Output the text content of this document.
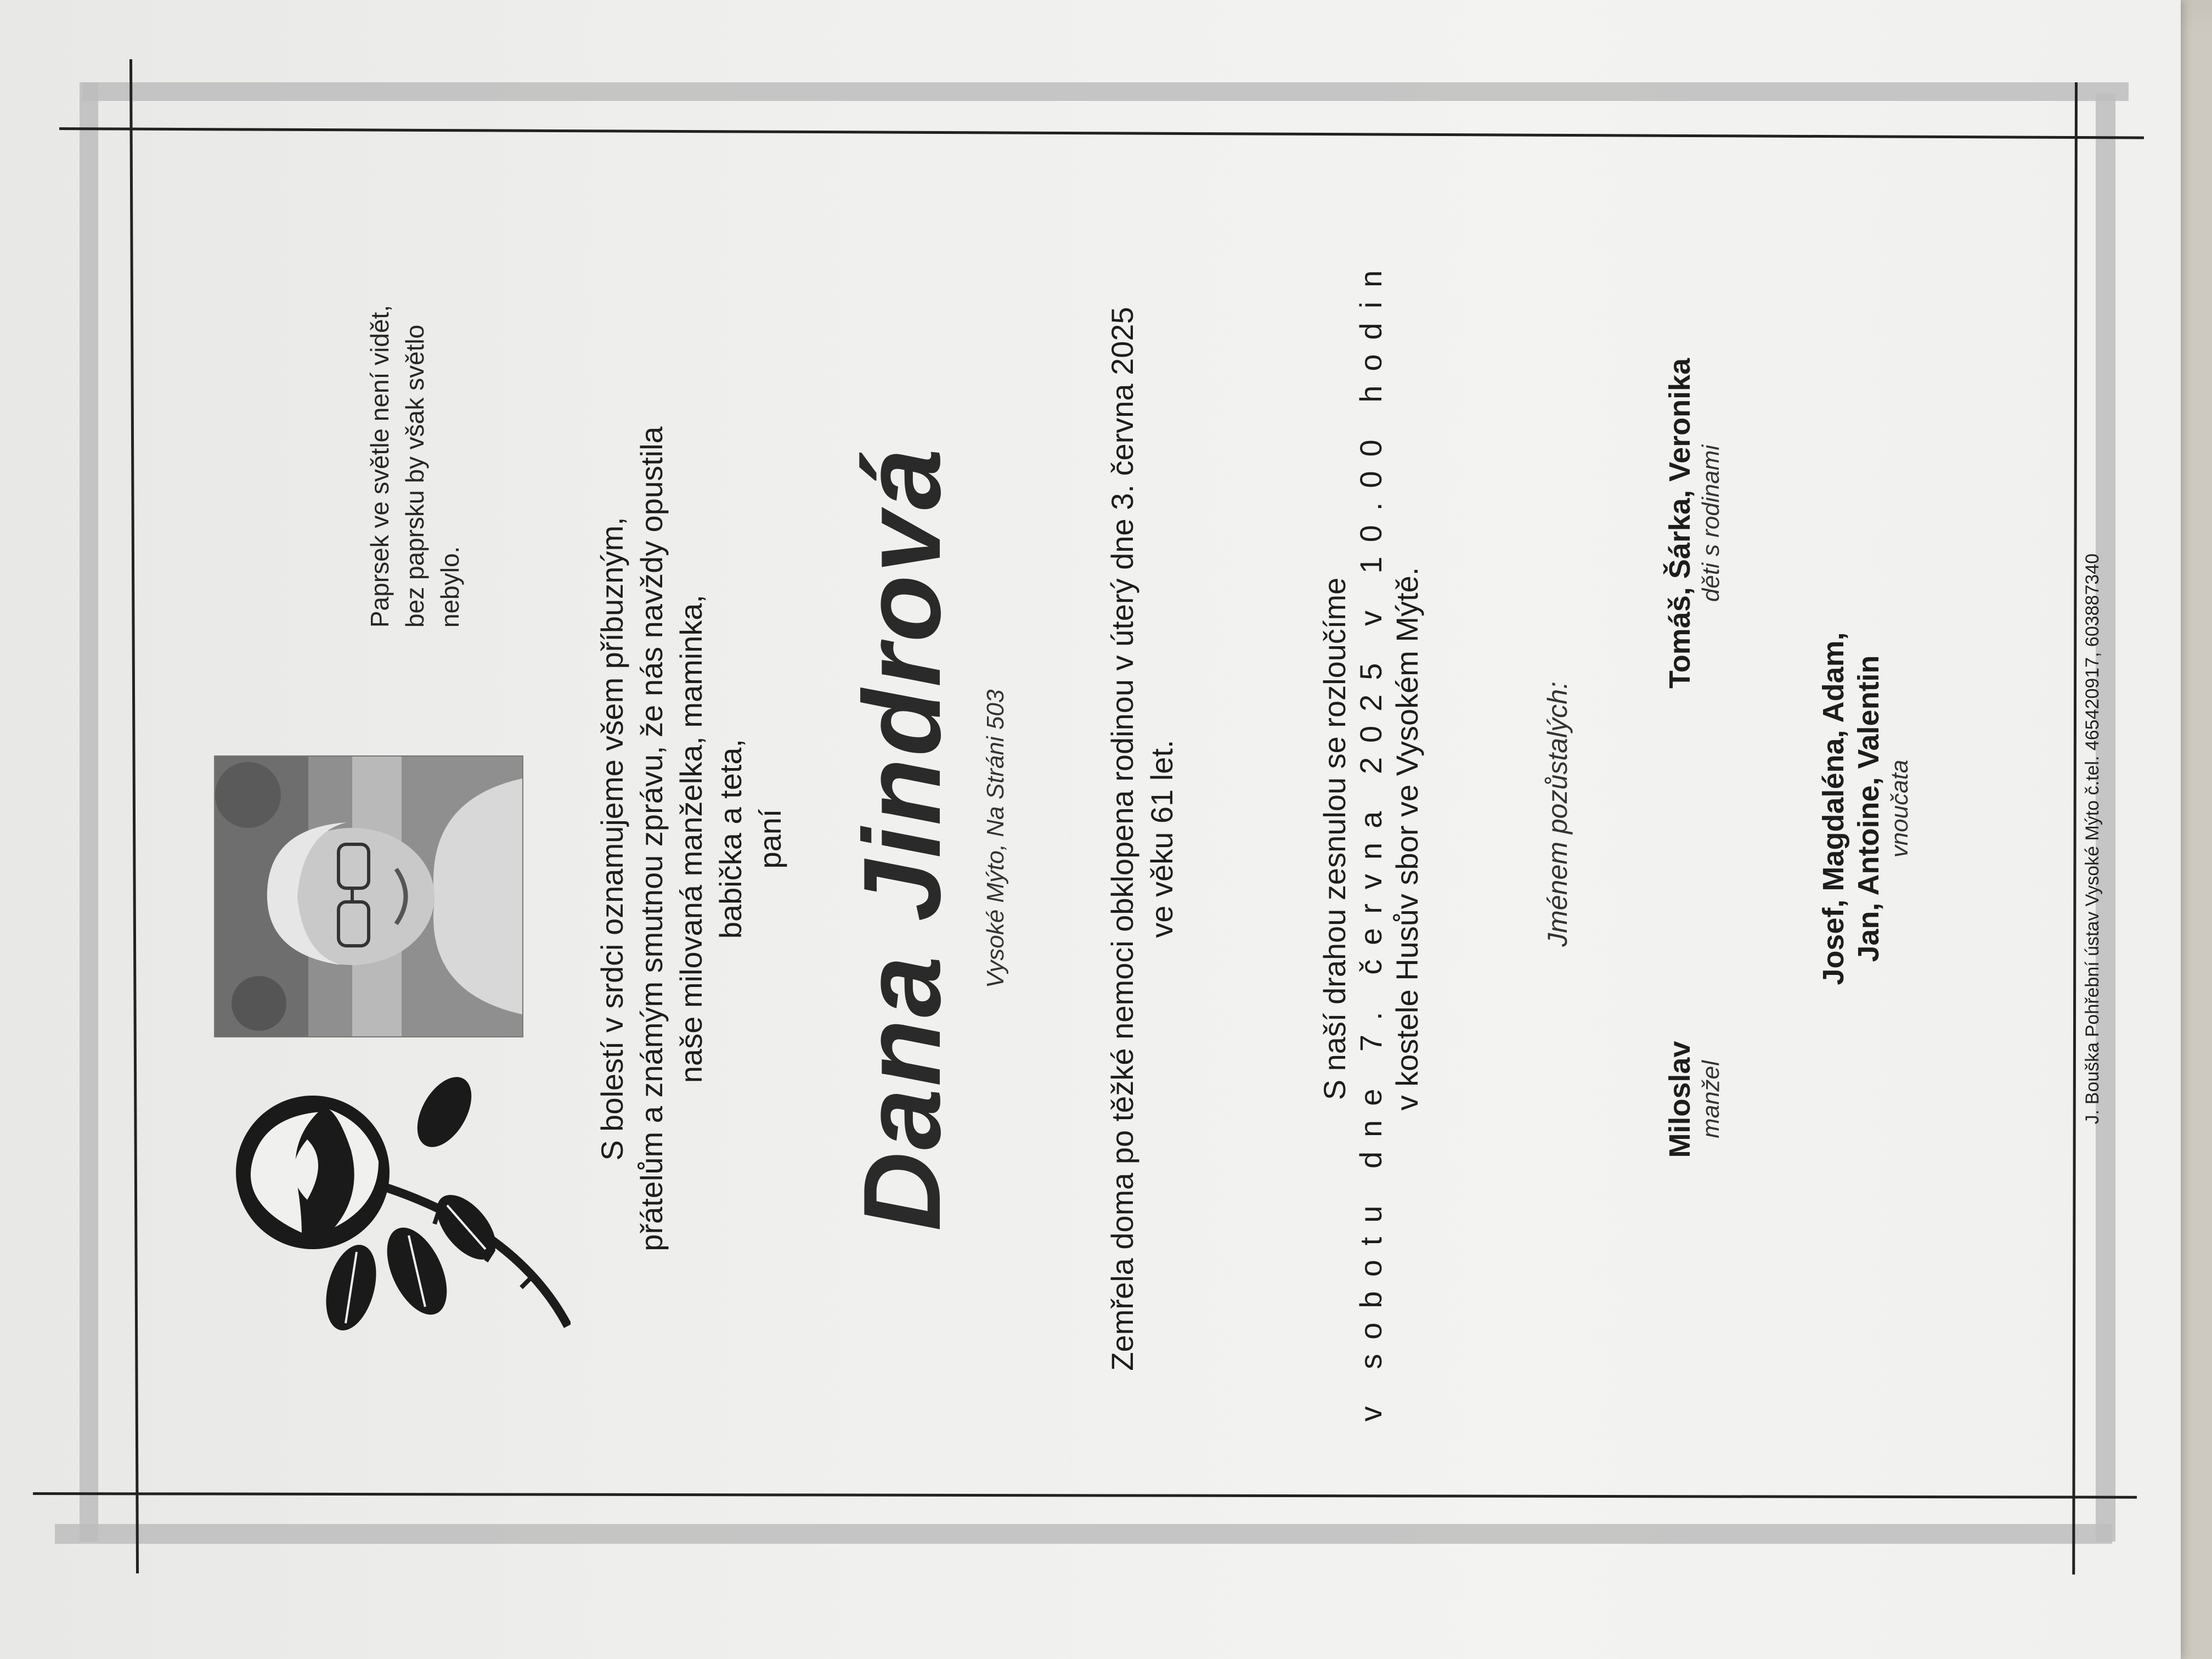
Paprsek ve světle není vidět, bez paprsku by však světlo nebylo.	S bolestí v srdci oznamujeme všem příbuzným, přátelům a známým smutnou zprávu, že nás navždy opustila naše milovaná manželka, maminka, babička a teta, paní Dana Jindrová Vysoké Mýto, Na Stráni 503	Zemřela doma po těžké nemoci obklopena rodinou v úterý dne 3. června 2025 ve věku 61 let.	S naší drahou zesnulou se rozloučíme v sobotu dne 7. června 2025 v 10.00 hodin v kostele Husův sbor ve Vysokém Mýtě.	Jménem pozůstalých:
Miloslav manžel
Tomáš, Šárka, Veronika děti s rodinami
Josef, Magdaléna, Adam, Jan, Antoine, Valentin vnoučata	J. Bouška Pohřební ústav Vysoké Mýto č.tel. 465420917, 603887340
